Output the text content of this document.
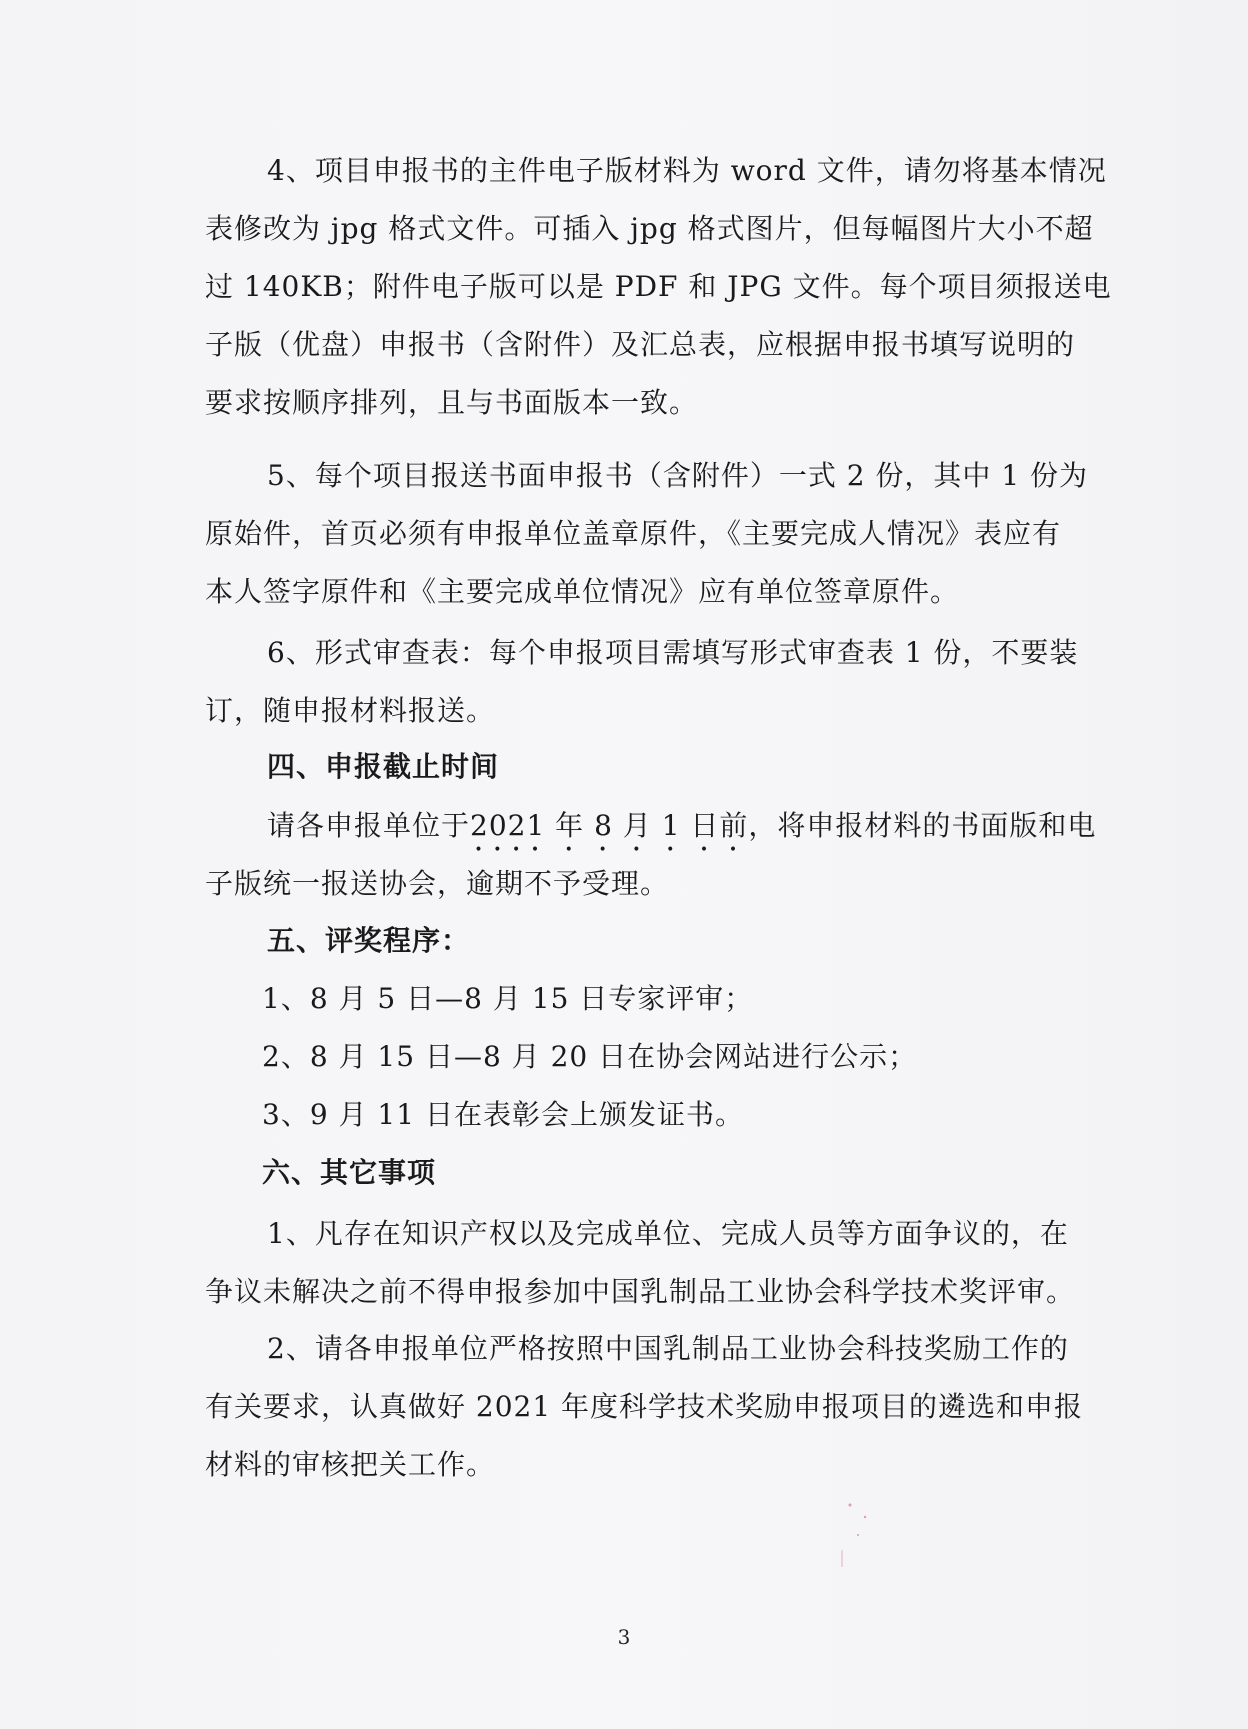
4、项目申报书的主件电子版材料为 word 文件，请勿将基本情况
表修改为 jpg 格式文件。可插入 jpg 格式图片，但每幅图片大小不超
过 140KB；附件电子版可以是 PDF 和 JPG 文件。每个项目须报送电
子版（优盘）申报书（含附件）及汇总表，应根据申报书填写说明的
要求按顺序排列，且与书面版本一致。
5、每个项目报送书面申报书（含附件）一式 2 份，其中 1 份为
原始件，首页必须有申报单位盖章原件，《主要完成人情况》表应有
本人签字原件和《主要完成单位情况》应有单位签章原件。
6、形式审查表：每个申报项目需填写形式审查表 1 份，不要装
订，随申报材料报送。
四、申报截止时间
请各申报单位于2021 年 8 月 1 日前，将申报材料的书面版和电
子版统一报送协会，逾期不予受理。
五、评奖程序：
1、8 月 5 日—8 月 15 日专家评审；
2、8 月 15 日—8 月 20 日在协会网站进行公示；
3、9 月 11 日在表彰会上颁发证书。
六、其它事项
1、凡存在知识产权以及完成单位、完成人员等方面争议的，在
争议未解决之前不得申报参加中国乳制品工业协会科学技术奖评审。
2、请各申报单位严格按照中国乳制品工业协会科技奖励工作的
有关要求，认真做好 2021 年度科学技术奖励申报项目的遴选和申报
材料的审核把关工作。
3
